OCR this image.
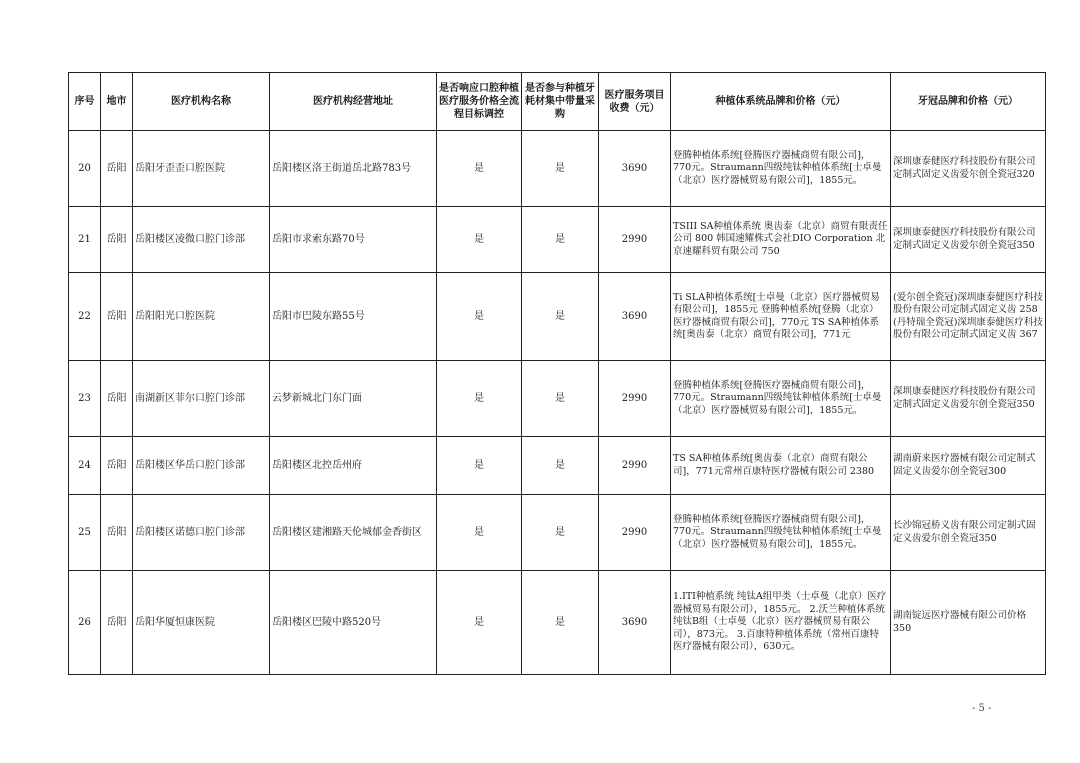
序号	地市	医疗机构名称	医疗机构经营地址	是否响应口腔种植医疗服务价格全流程目标调控	是否参与种植牙耗材集中带量采购	医疗服务项目收费（元）	种植体系统品牌和价格（元）	牙冠品牌和价格（元）
20	岳阳	岳阳牙歪歪口腔医院	岳阳楼区洛王街道岳北路783号	是	是	3690	登腾种植体系统[登腾医疗器械商贸有限公司]，770元。Straumann四级纯钛种植体系统[士卓曼（北京）医疗器械贸易有限公司]，1855元。	深圳康泰健医疗科技股份有限公司定制式固定义齿爱尔创全瓷冠320
21	岳阳	岳阳楼区凌微口腔门诊部	岳阳市求索东路70号	是	是	2990	TSIII SA种植体系统 奥齿泰（北京）商贸有限责任公司 800 韩国速耀株式会社DIO Corporation 北京速耀科贸有限公司 750	深圳康泰健医疗科技股份有限公司定制式固定义齿爱尔创全瓷冠350
22	岳阳	岳阳阳光口腔医院	岳阳市巴陵东路55号	是	是	3690	Ti SLA种植体系统[士卓曼（北京）医疗器械贸易有限公司]，1855元 登腾种植系统[登腾（北京）医疗器械商贸有限公司]，770元 TS SA种植体系统[奥齿泰（北京）商贸有限公司]，771元	(爱尔创全瓷冠)深圳康泰健医疗科技股份有限公司定制式固定义齿 258 (丹特瑞全瓷冠)深圳康泰健医疗科技股份有限公司定制式固定义齿 367
23	岳阳	南湖新区菲尔口腔门诊部	云梦新城北门东门面	是	是	2990	登腾种植体系统[登腾医疗器械商贸有限公司]，770元。Straumann四级纯钛种植体系统[士卓曼（北京）医疗器械贸易有限公司]，1855元。	深圳康泰健医疗科技股份有限公司定制式固定义齿爱尔创全瓷冠350
24	岳阳	岳阳楼区华岳口腔门诊部	岳阳楼区北控岳州府	是	是	2990	TS SA种植体系统[奥齿泰（北京）商贸有限公司]，771元常州百康特医疗器械有限公司 2380	湖南蔚来医疗器械有限公司定制式固定义齿爱尔创全瓷冠300
25	岳阳	岳阳楼区诺德口腔门诊部	岳阳楼区建湘路天伦城郁金香街区	是	是	2990	登腾种植体系统[登腾医疗器械商贸有限公司]，770元。Straumann四级纯钛种植体系统[士卓曼（北京）医疗器械贸易有限公司]，1855元。	长沙锦冠桥义齿有限公司定制式固定义齿爱尔创全瓷冠350
26	岳阳	岳阳华厦恒康医院	岳阳楼区巴陵中路520号	是	是	3690	1.ITI种植系统 纯钛A组甲类（士卓曼（北京）医疗器械贸易有限公司），1855元。 2.沃兰种植体系统纯钛B组（士卓曼（北京）医疗器械贸易有限公司），873元。 3.百康特种植体系统（常州百康特医疗器械有限公司），630元。	湖南锭远医疗器械有限公司价格350
- 5 -
